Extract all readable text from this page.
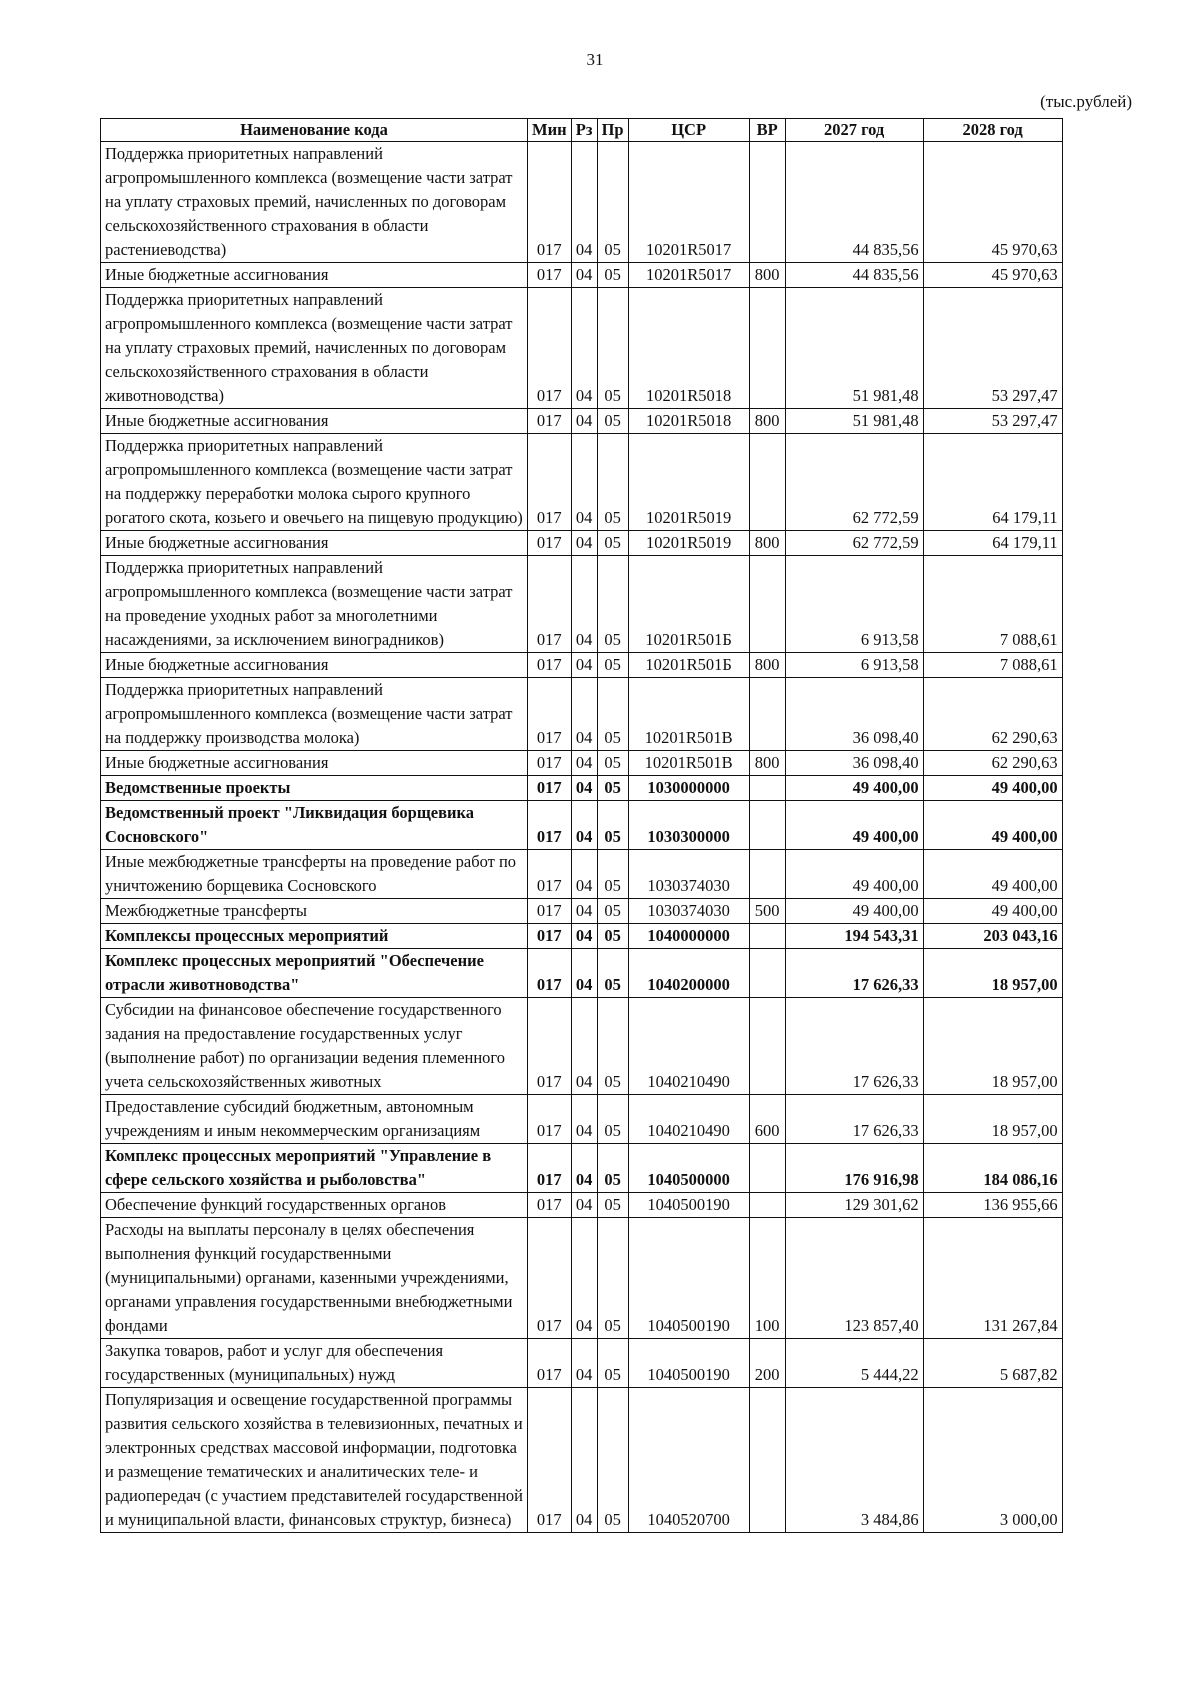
31
(тыс.рублей)
Наименование кода	Мин	Рз	Пр	ЦСР	ВР	2027 год	2028 год
Поддержка приоритетных направлений агропромышленного комплекса (возмещение части затрат на уплату страховых премий, начисленных по договорам сельскохозяйственного страхования в области растениеводства)	017	04	05	10201R5017		44 835,56	45 970,63
Иные бюджетные ассигнования	017	04	05	10201R5017	800	44 835,56	45 970,63
Поддержка приоритетных направлений агропромышленного комплекса (возмещение части затрат на уплату страховых премий, начисленных по договорам сельскохозяйственного страхования в области животноводства)	017	04	05	10201R5018		51 981,48	53 297,47
Иные бюджетные ассигнования	017	04	05	10201R5018	800	51 981,48	53 297,47
Поддержка приоритетных направлений агропромышленного комплекса (возмещение части затрат на поддержку переработки молока сырого крупного рогатого скота, козьего и овечьего на пищевую продукцию)	017	04	05	10201R5019		62 772,59	64 179,11
Иные бюджетные ассигнования	017	04	05	10201R5019	800	62 772,59	64 179,11
Поддержка приоритетных направлений агропромышленного комплекса (возмещение части затрат на проведение уходных работ за многолетними насаждениями, за исключением виноградников)	017	04	05	10201R501Б		6 913,58	7 088,61
Иные бюджетные ассигнования	017	04	05	10201R501Б	800	6 913,58	7 088,61
Поддержка приоритетных направлений агропромышленного комплекса (возмещение части затрат на поддержку производства молока)	017	04	05	10201R501В		36 098,40	62 290,63
Иные бюджетные ассигнования	017	04	05	10201R501В	800	36 098,40	62 290,63
Ведомственные проекты	017	04	05	1030000000		49 400,00	49 400,00
Ведомственный проект "Ликвидация борщевика Сосновского"	017	04	05	1030300000		49 400,00	49 400,00
Иные межбюджетные трансферты на проведение работ по уничтожению борщевика Сосновского	017	04	05	1030374030		49 400,00	49 400,00
Межбюджетные трансферты	017	04	05	1030374030	500	49 400,00	49 400,00
Комплексы процессных мероприятий	017	04	05	1040000000		194 543,31	203 043,16
Комплекс процессных мероприятий "Обеспечение отрасли животноводства"	017	04	05	1040200000		17 626,33	18 957,00
Субсидии на финансовое обеспечение государственного задания на предоставление государственных услуг (выполнение работ) по организации ведения племенного учета сельскохозяйственных животных	017	04	05	1040210490		17 626,33	18 957,00
Предоставление субсидий бюджетным, автономным учреждениям и иным некоммерческим организациям	017	04	05	1040210490	600	17 626,33	18 957,00
Комплекс процессных мероприятий "Управление в сфере сельского хозяйства и рыболовства"	017	04	05	1040500000		176 916,98	184 086,16
Обеспечение функций государственных органов	017	04	05	1040500190		129 301,62	136 955,66
Расходы на выплаты персоналу в целях обеспечения выполнения функций государственными (муниципальными) органами, казенными учреждениями, органами управления государственными внебюджетными фондами	017	04	05	1040500190	100	123 857,40	131 267,84
Закупка товаров, работ и услуг для обеспечения государственных (муниципальных) нужд	017	04	05	1040500190	200	5 444,22	5 687,82
Популяризация и освещение государственной программы развития сельского хозяйства в телевизионных, печатных и электронных средствах массовой информации, подготовка и размещение тематических и аналитических теле- и радиопередач (с участием представителей государственной и муниципальной власти, финансовых структур, бизнеса)	017	04	05	1040520700		3 484,86	3 000,00
